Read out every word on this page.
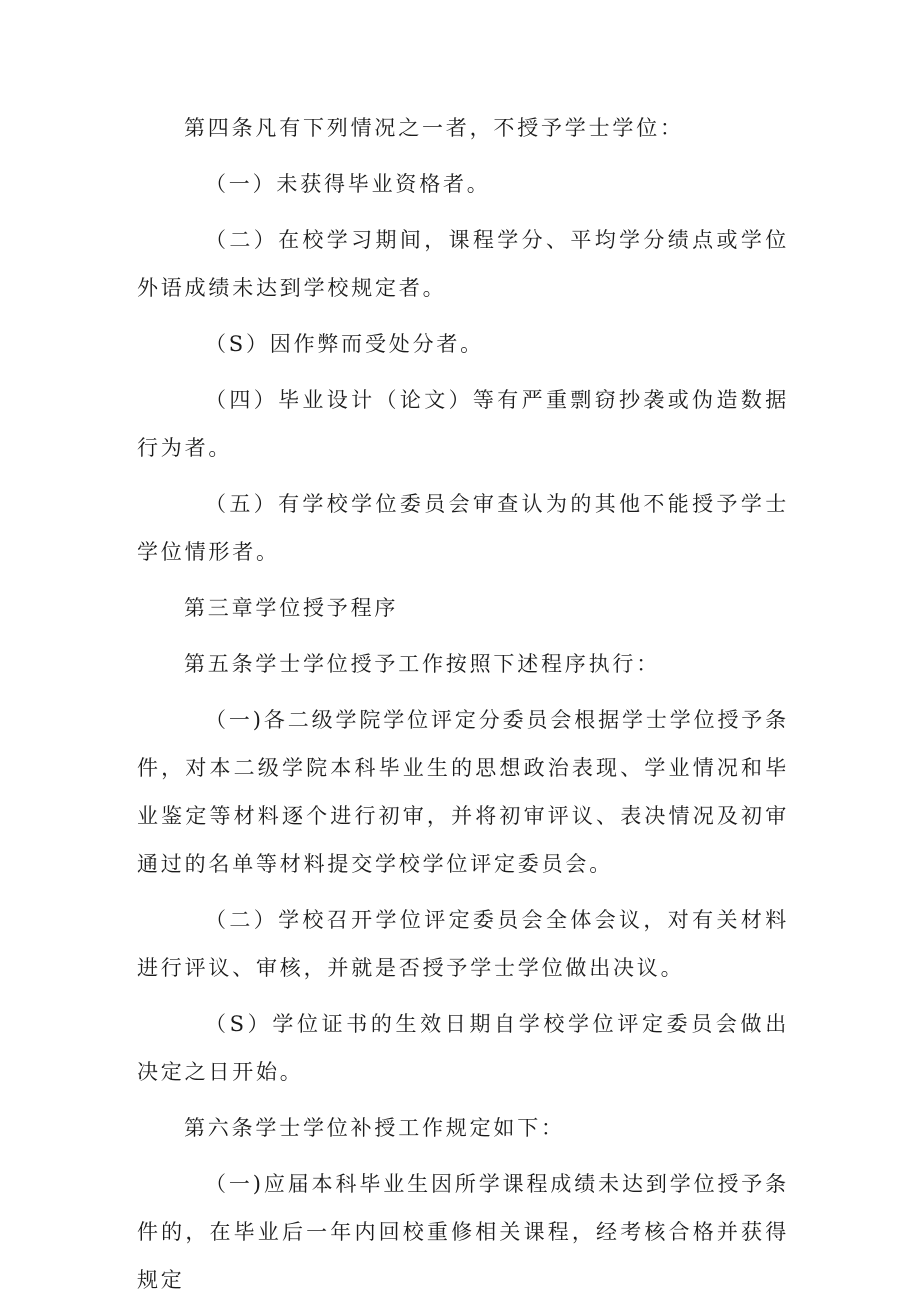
第四条凡有下列情况之一者，不授予学士学位：

（一）未获得毕业资格者。

（二）在校学习期间，课程学分、平均学分绩点或学位外语成绩未达到学校规定者。

（S）因作弊而受处分者。

（四）毕业设计（论文）等有严重剽窃抄袭或伪造数据行为者。

（五）有学校学位委员会审查认为的其他不能授予学士学位情形者。

第三章学位授予程序

第五条学士学位授予工作按照下述程序执行：

（一)各二级学院学位评定分委员会根据学士学位授予条件，对本二级学院本科毕业生的思想政治表现、学业情况和毕业鉴定等材料逐个进行初审，并将初审评议、表决情况及初审通过的名单等材料提交学校学位评定委员会。

（二）学校召开学位评定委员会全体会议，对有关材料进行评议、审核，并就是否授予学士学位做出决议。

（S）学位证书的生效日期自学校学位评定委员会做出决定之日开始。

第六条学士学位补授工作规定如下：

（一)应届本科毕业生因所学课程成绩未达到学位授予条件的，在毕业后一年内回校重修相关课程，经考核合格并获得规定
